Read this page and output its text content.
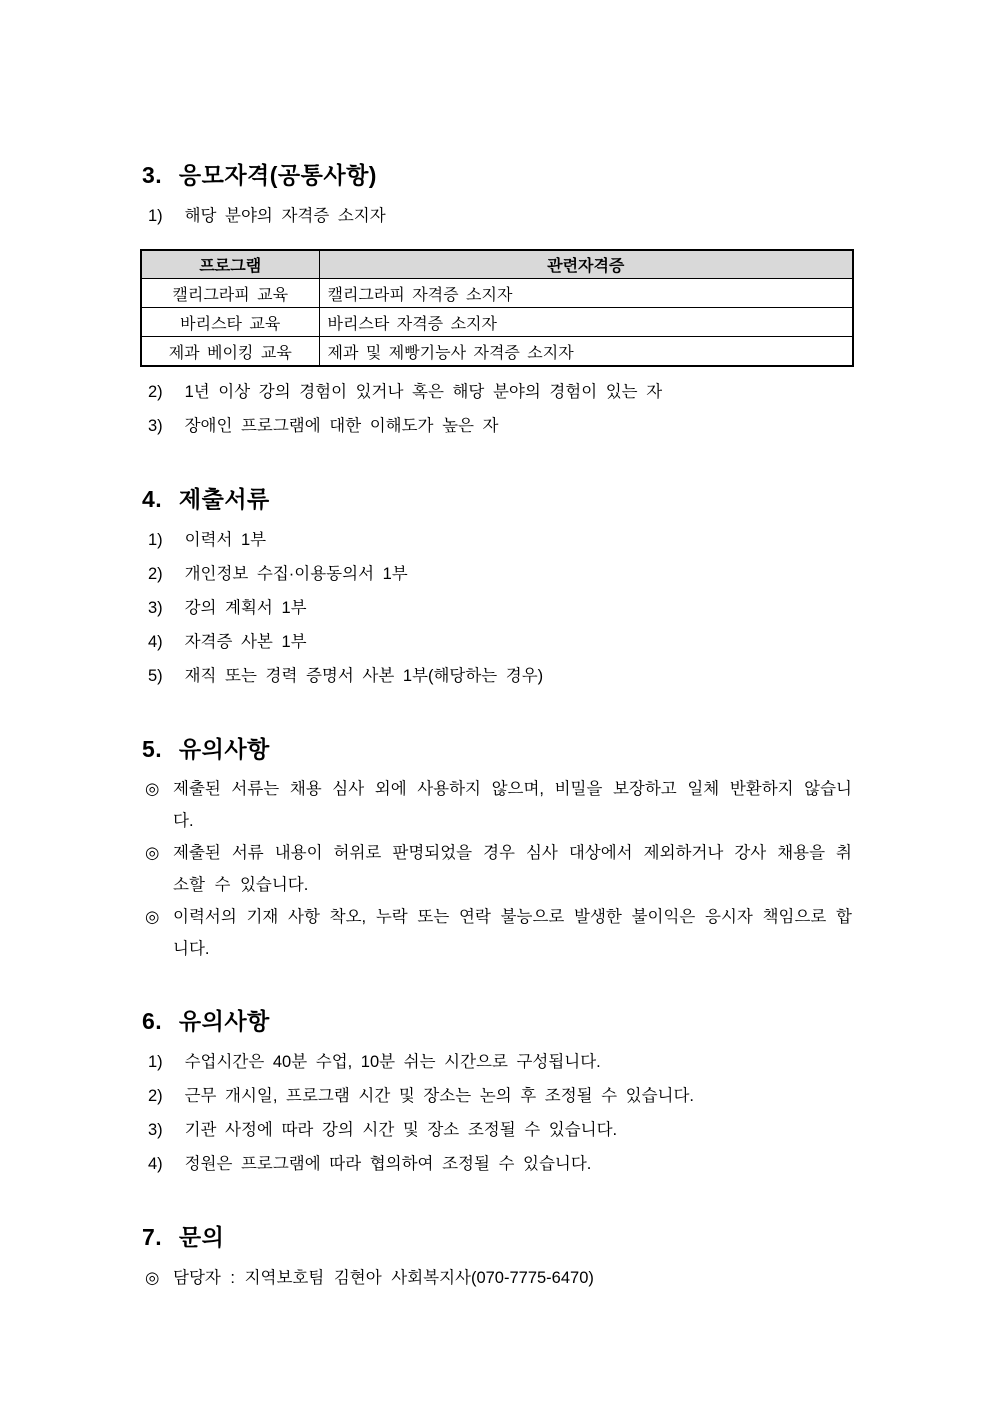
3. 응모자격(공통사항)
1) 해당 분야의 자격증 소지자
프로그램	관련자격증
캘리그라피 교육	캘리그라피 자격증 소지자
바리스타 교육	바리스타 자격증 소지자
제과 베이킹 교육	제과 및 제빵기능사 자격증 소지자
2) 1년 이상 강의 경험이 있거나 혹은 해당 분야의 경험이 있는 자
3) 장애인 프로그램에 대한 이해도가 높은 자
4. 제출서류
1) 이력서 1부
2) 개인정보 수집·이용동의서 1부
3) 강의 계획서 1부
4) 자격증 사본 1부
5) 재직 또는 경력 증명서 사본 1부(해당하는 경우)
5. 유의사항
◎ 제출된 서류는 채용 심사 외에 사용하지 않으며, 비밀을 보장하고 일체 반환하지 않습니다.
◎ 제출된 서류 내용이 허위로 판명되었을 경우 심사 대상에서 제외하거나 강사 채용을 취소할 수 있습니다.
◎ 이력서의 기재 사항 착오, 누락 또는 연락 불능으로 발생한 불이익은 응시자 책임으로 합니다.
6. 유의사항
1) 수업시간은 40분 수업, 10분 쉬는 시간으로 구성됩니다.
2) 근무 개시일, 프로그램 시간 및 장소는 논의 후 조정될 수 있습니다.
3) 기관 사정에 따라 강의 시간 및 장소 조정될 수 있습니다.
4) 정원은 프로그램에 따라 협의하여 조정될 수 있습니다.
7. 문의
◎ 담당자 : 지역보호팀 김현아 사회복지사(070-7775-6470)
